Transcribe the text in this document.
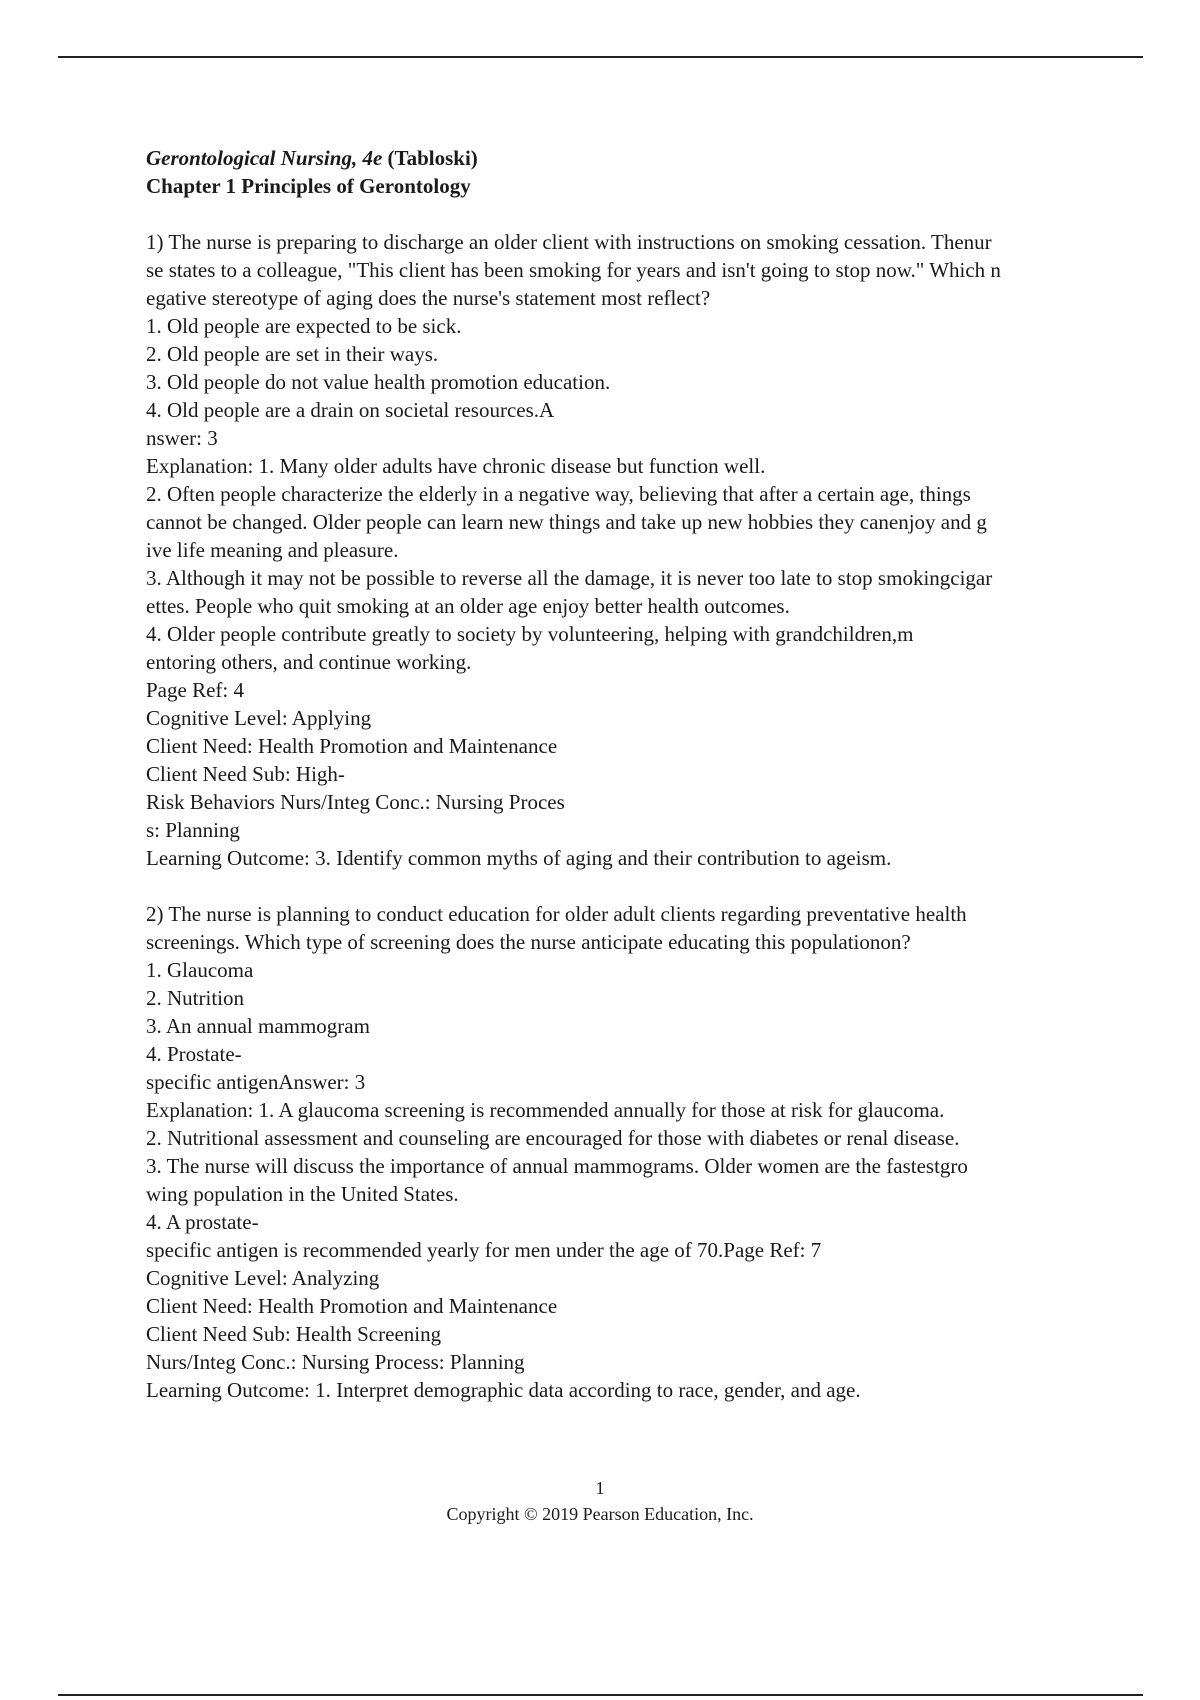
Gerontological Nursing, 4e (Tabloski)
Chapter 1 Principles of Gerontology
1) The nurse is preparing to discharge an older client with instructions on smoking cessation. Thenur
se states to a colleague, "This client has been smoking for years and isn't going to stop now." Which n
egative stereotype of aging does the nurse's statement most reflect?
1. Old people are expected to be sick.
2. Old people are set in their ways.
3. Old people do not value health promotion education.
4. Old people are a drain on societal resources.A
nswer: 3
Explanation: 1. Many older adults have chronic disease but function well.
2. Often people characterize the elderly in a negative way, believing that after a certain age, things
cannot be changed. Older people can learn new things and take up new hobbies they canenjoy and g
ive life meaning and pleasure.
3. Although it may not be possible to reverse all the damage, it is never too late to stop smokingcigar
ettes. People who quit smoking at an older age enjoy better health outcomes.
4. Older people contribute greatly to society by volunteering, helping with grandchildren,m
entoring others, and continue working.
Page Ref: 4
Cognitive Level: Applying
Client Need: Health Promotion and Maintenance
Client Need Sub: High-
Risk Behaviors Nurs/Integ Conc.: Nursing Proces
s: Planning
Learning Outcome: 3. Identify common myths of aging and their contribution to ageism.
2) The nurse is planning to conduct education for older adult clients regarding preventative health
screenings. Which type of screening does the nurse anticipate educating this populationon?
1. Glaucoma
2. Nutrition
3. An annual mammogram
4. Prostate-
specific antigenAnswer: 3
Explanation: 1. A glaucoma screening is recommended annually for those at risk for glaucoma.
2. Nutritional assessment and counseling are encouraged for those with diabetes or renal disease.
3. The nurse will discuss the importance of annual mammograms. Older women are the fastestgro
wing population in the United States.
4. A prostate-
specific antigen is recommended yearly for men under the age of 70.Page Ref: 7
Cognitive Level: Analyzing
Client Need: Health Promotion and Maintenance
Client Need Sub: Health Screening
Nurs/Integ Conc.: Nursing Process: Planning
Learning Outcome: 1. Interpret demographic data according to race, gender, and age.
1
Copyright © 2019 Pearson Education, Inc.
